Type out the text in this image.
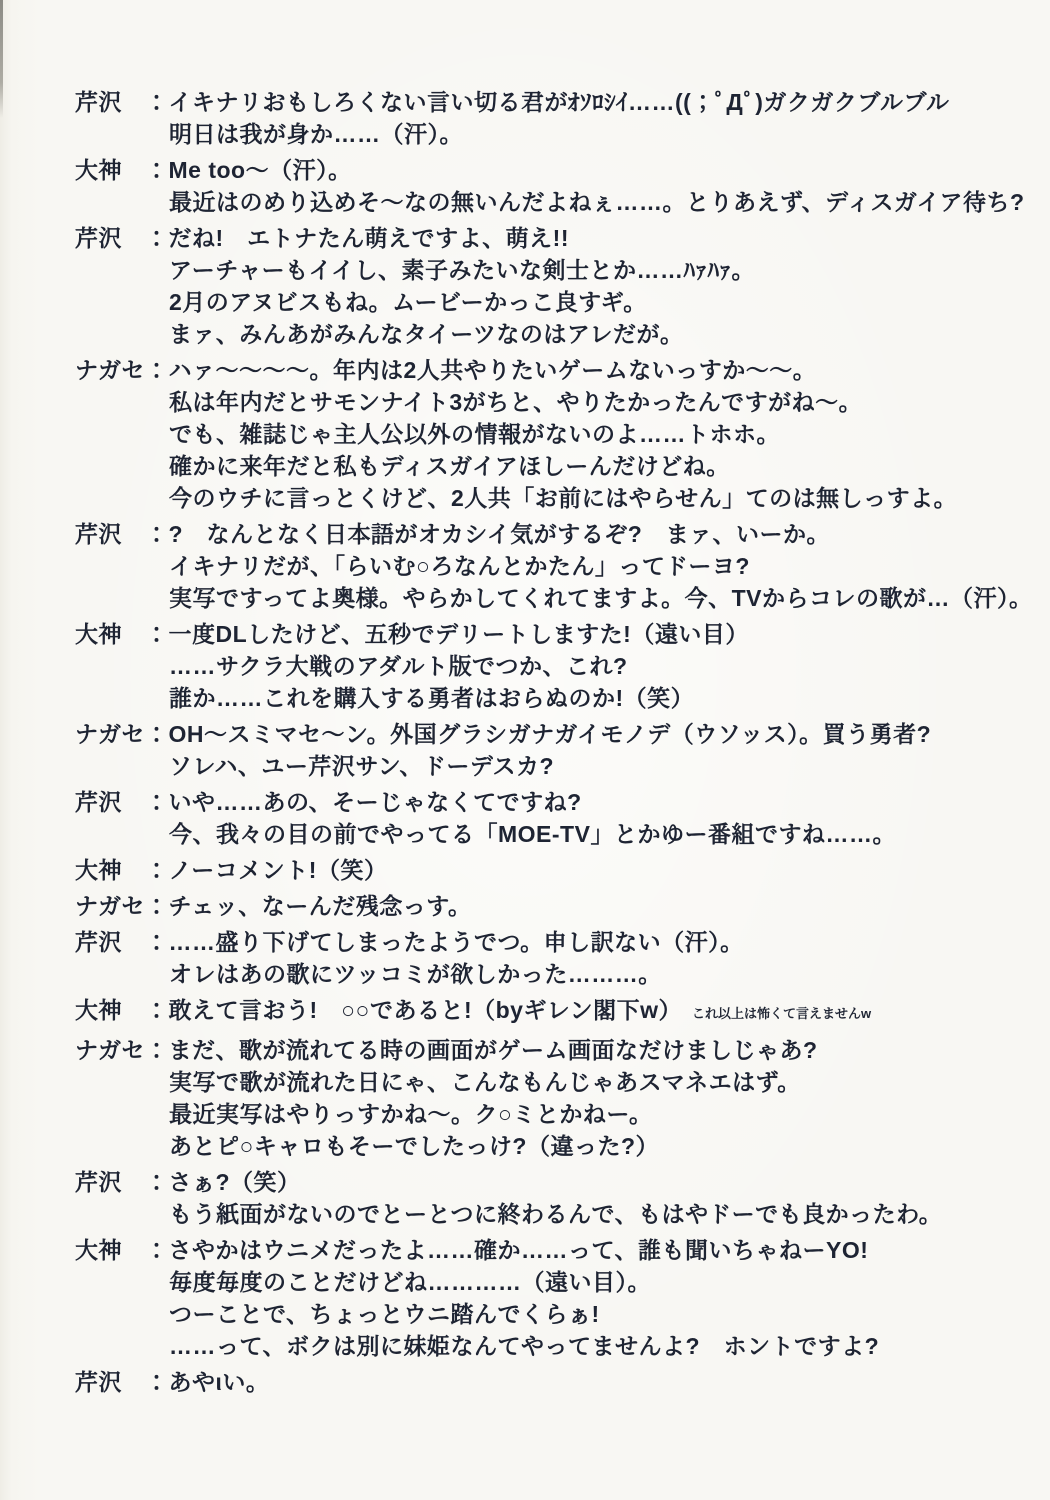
芹沢	：イキナリおもしろくない言い切る君がｵｿﾛｼｲ……((；ﾟДﾟ)ガクガクブルブル
明日は我が身か……（汗）。
大神	：Me too～（汗）。
最近はのめり込めそ～なの無いんだよねぇ……。とりあえず、ディスガイア待ち?
芹沢	：だね!　エトナたん萌えですよ、萌え!!
アーチャーもイイし、素子みたいな剣士とか……ﾊｧﾊｧ。
2月のアヌビスもね。ムービーかっこ良すギ。
まァ、みんあがみんなタイーツなのはアレだが。
ナガセ ：ハァ～～～～。年内は2人共やりたいゲームないっすか～～。
私は年内だとサモンナイト3がちと、やりたかったんですがね～。
でも、雑誌じゃ主人公以外の情報がないのよ……トホホ。
確かに来年だと私もディスガイアほしーんだけどね。
今のウチに言っとくけど、2人共「お前にはやらせん」てのは無しっすよ。
芹沢	：?　なんとなく日本語がオカシイ気がするぞ?　まァ、いーか。
イキナリだが、「らいむ○ろなんとかたん」ってドーヨ?
実写ですってよ奥様。やらかしてくれてますよ。今、TVからコレの歌が…（汗）。
大神	：一度DLしたけど、五秒でデリートしますた!（遠い目）
……サクラ大戦のアダルト版でつか、これ?
誰か……これを購入する勇者はおらぬのか!（笑）
ナガセ ：OH～スミマセ～ン。外国グラシガナガイモノデ（ウソッス）。買う勇者?
ソレハ、ユー芹沢サン、ドーデスカ?
芹沢	：いや……あの、そーじゃなくてですね?
今、我々の目の前でやってる「MOE-TV」とかゆー番組ですね……。
大神	：ノーコメント!（笑）
ナガセ ：チェッ、なーんだ残念っす。
芹沢	：……盛り下げてしまったようでつ。申し訳ない（汗）。
オレはあの歌にツッコミが欲しかった………。
大神	：敢えて言おう!　○○であると!（byギレン閣下w） これ以上は怖くて言えませんw
ナガセ ：まだ、歌が流れてる時の画面がゲーム画面なだけましじゃあ?
実写で歌が流れた日にゃ、こんなもんじゃあスマネエはず。
最近実写はやりっすかね～。ク○ミとかねー。
あとピ○キャロもそーでしたっけ?（違った?）
芹沢	：さぁ?（笑）
もう紙面がないのでとーとつに終わるんで、もはやドーでも良かったわ。
大神	：さやかはウニメだったよ……確か……って、誰も聞いちゃねーYO!
毎度毎度のことだけどね…………（遠い目）。
つーことで、ちょっとウニ踏んでくらぁ!
……って、ボクは別に妹姫なんてやってませんよ?　ホントですよ?
芹沢	：あやιい。
